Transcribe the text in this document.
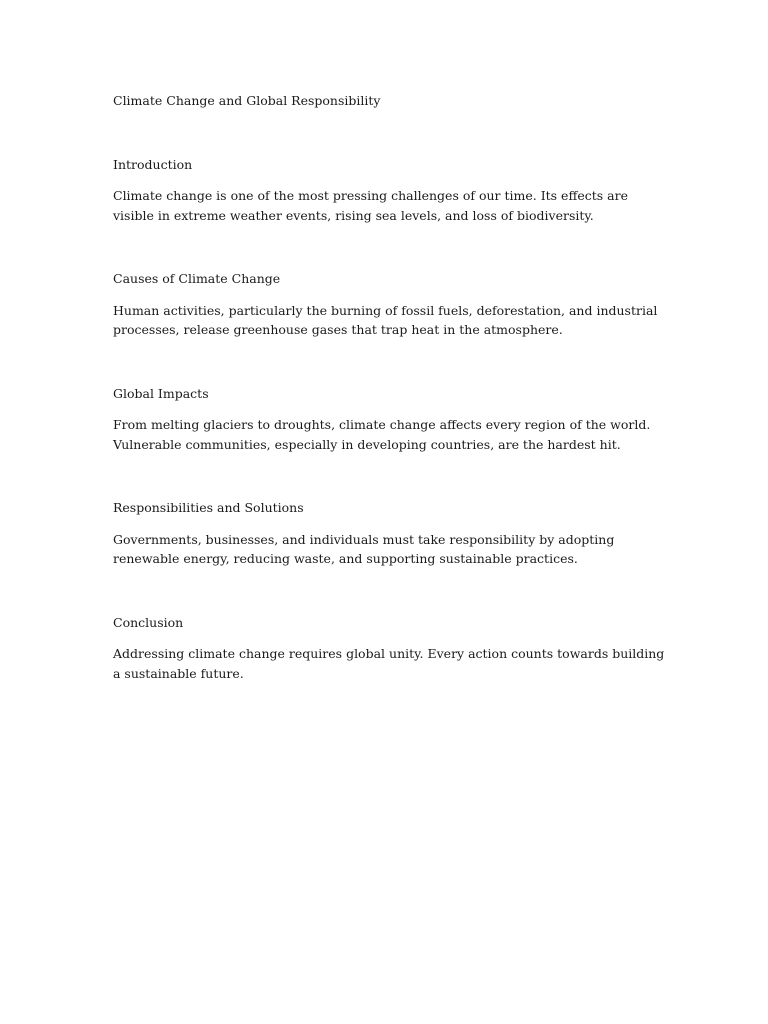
Climate Change and Global Responsibility
Introduction

Climate change is one of the most pressing challenges of our time. Its effects are visible in extreme weather events, rising sea levels, and loss of biodiversity.

Causes of Climate Change

Human activities, particularly the burning of fossil fuels, deforestation, and industrial processes, release greenhouse gases that trap heat in the atmosphere.

Global Impacts

From melting glaciers to droughts, climate change affects every region of the world. Vulnerable communities, especially in developing countries, are the hardest hit.

Responsibilities and Solutions

Governments, businesses, and individuals must take responsibility by adopting renewable energy, reducing waste, and supporting sustainable practices.

Conclusion

Addressing climate change requires global unity. Every action counts towards building a sustainable future.
